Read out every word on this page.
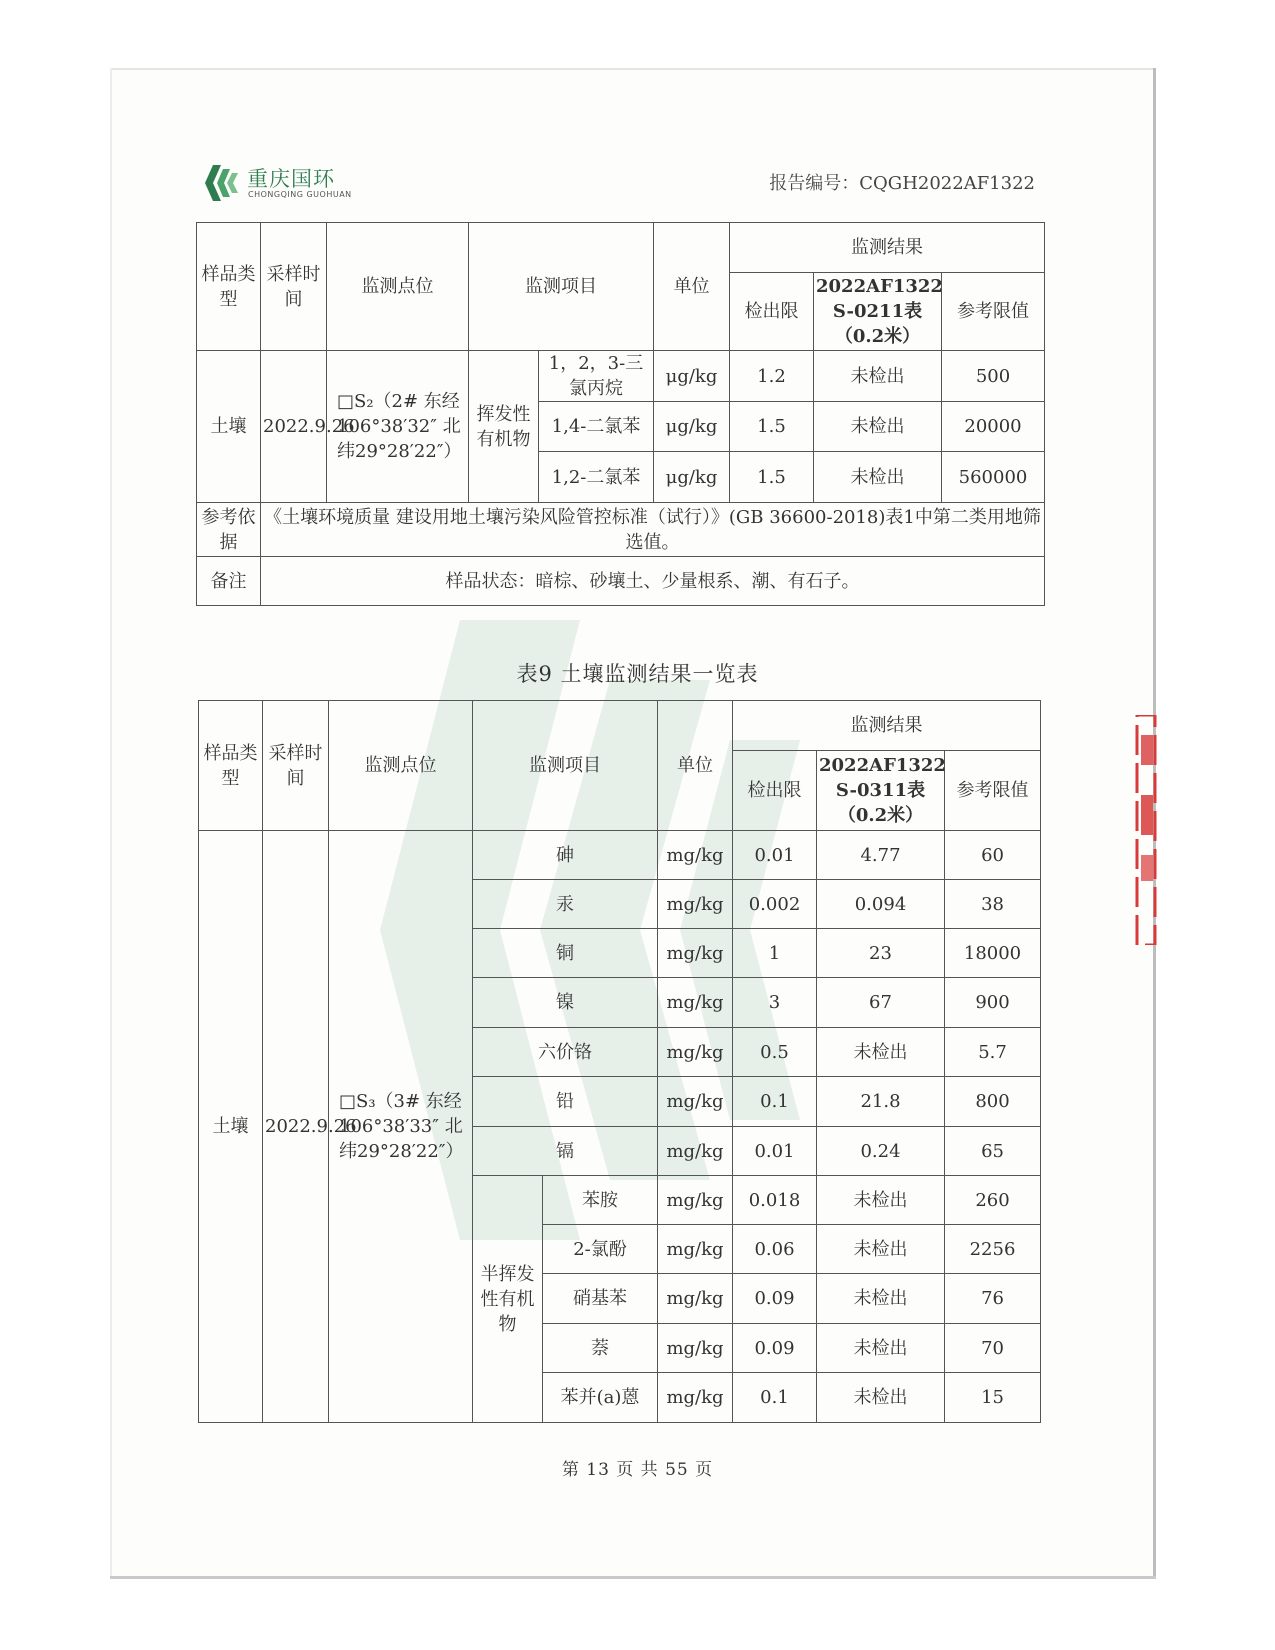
重庆国环
CHONGQING GUOHUAN
报告编号：CQGH2022AF1322
样品类型	采样时间	监测点位	监测项目		单位	监测结果		
						检出限	2022AF1322 S-0211表（0.2米）	参考限值
土壤	2022.9.26	□S₂（2# 东经106°38′32″ 北纬29°28′22″）	挥发性有机物	1，2，3-三氯丙烷	μg/kg	1.2	未检出	500
				1,4-二氯苯	μg/kg	1.5	未检出	20000
				1,2-二氯苯	μg/kg	1.5	未检出	560000
参考依据	《土壤环境质量 建设用地土壤污染风险管控标准（试行）》(GB 36600-2018)表1中第二类用地筛选值。							
备注	样品状态：暗棕、砂壤土、少量根系、潮、有石子。							
表9 土壤监测结果一览表
样品类型	采样时间	监测点位	监测项目		单位	监测结果		
						检出限	2022AF1322 S-0311表（0.2米）	参考限值
土壤	2022.9.26	□S₃（3# 东经106°38′33″ 北纬29°28′22″）	砷		mg/kg	0.01	4.77	60
			汞		mg/kg	0.002	0.094	38
			铜		mg/kg	1	23	18000
			镍		mg/kg	3	67	900
			六价铬		mg/kg	0.5	未检出	5.7
			铅		mg/kg	0.1	21.8	800
			镉		mg/kg	0.01	0.24	65
			半挥发性有机物	苯胺	mg/kg	0.018	未检出	260
				2-氯酚	mg/kg	0.06	未检出	2256
				硝基苯	mg/kg	0.09	未检出	76
				萘	mg/kg	0.09	未检出	70
				苯并(a)蒽	mg/kg	0.1	未检出	15
第 13 页 共 55 页
